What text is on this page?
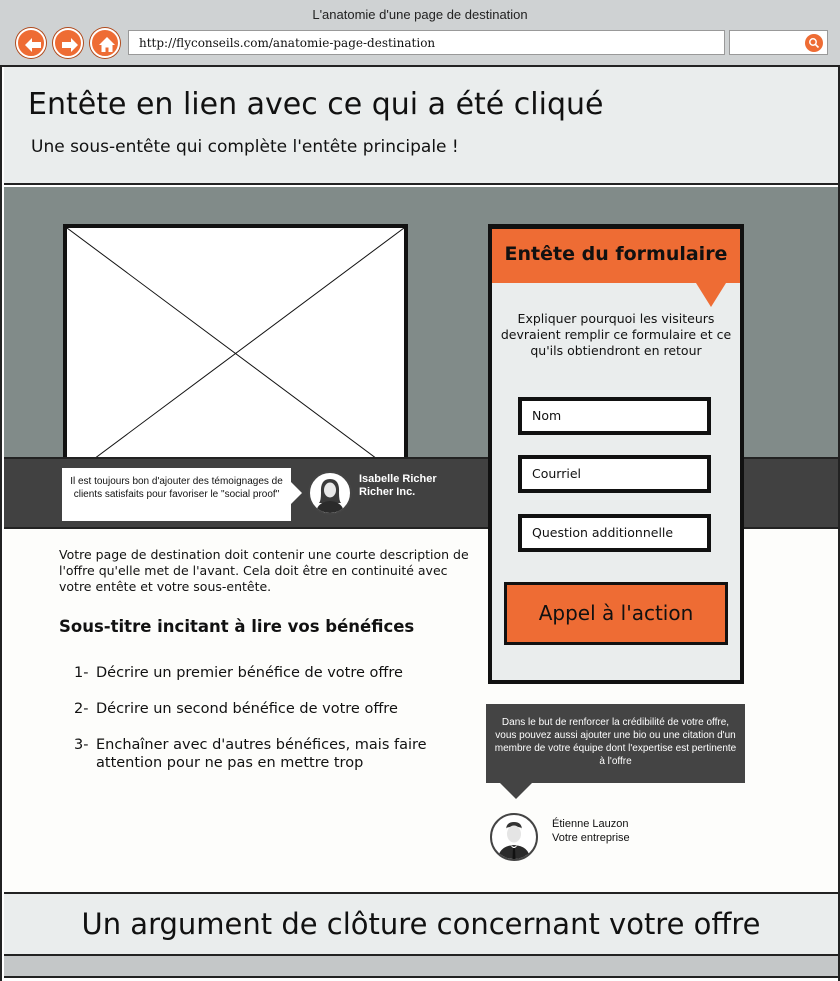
L'anatomie d'une page de destination
http://flyconseils.com/anatomie-page-destination
Entête en lien avec ce qui a été cliqué
Une sous-entête qui complète l'entête principale !
Il est toujours bon d'ajouter des témoignages de clients satisfaits pour favoriser le "social proof"
Isabelle Richer
Richer Inc.
Votre page de destination doit contenir une courte description de l'offre qu'elle met de l'avant. Cela doit être en continuité avec votre entête et votre sous-entête.
Sous-titre incitant à lire vos bénéfices
1- Décrire un premier bénéfice de votre offre
2- Décrire un second bénéfice de votre offre
3- Enchaîner avec d'autres bénéfices, mais faire attention pour ne pas en mettre trop
Entête du formulaire
Expliquer pourquoi les visiteurs devraient remplir ce formulaire et ce qu'ils obtiendront en retour
Nom
Courriel
Question additionnelle
Appel à l'action
Dans le but de renforcer la crédibilité de votre offre, vous pouvez aussi ajouter une bio ou une citation d'un membre de votre équipe dont l'expertise est pertinente à l'offre
Étienne Lauzon
Votre entreprise
Un argument de clôture concernant votre offre
